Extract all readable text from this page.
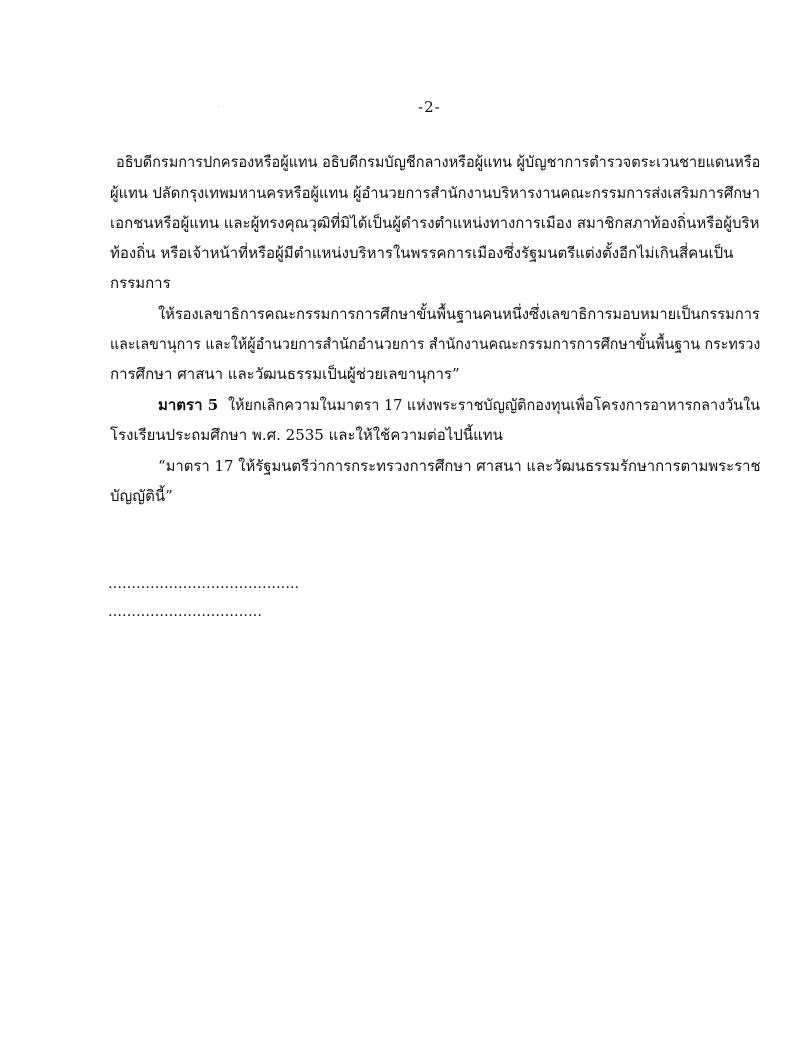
-2-
· ·
อธิบดีกรมการปกครองหรือผู้แทน อธิบดีกรมบัญชีกลางหรือผู้แทน ผู้บัญชาการตำรวจตระเวนชายแดนหรือ
ผู้แทน ปลัดกรุงเทพมหานครหรือผู้แทน ผู้อำนวยการสำนักงานบริหารงานคณะกรรมการส่งเสริมการศึกษา
เอกชนหรือผู้แทน และผู้ทรงคุณวุฒิที่มิได้เป็นผู้ดำรงตำแหน่งทางการเมือง สมาชิกสภาท้องถิ่นหรือผู้บริห
ท้องถิ่น หรือเจ้าหน้าที่หรือผู้มีตำแหน่งบริหารในพรรคการเมืองซึ่งรัฐมนตรีแต่งตั้งอีกไม่เกินสี่คนเป็น
กรรมการ
ให้รองเลขาธิการคณะกรรมการการศึกษาขั้นพื้นฐานคนหนึ่งซึ่งเลขาธิการมอบหมายเป็นกรรมการ
และเลขานุการ และให้ผู้อำนวยการสำนักอำนวยการ สำนักงานคณะกรรมการการศึกษาขั้นพื้นฐาน กระทรวง
การศึกษา ศาสนา และวัฒนธรรมเป็นผู้ช่วยเลขานุการ”
มาตรา 5 ให้ยกเลิกความในมาตรา 17 แห่งพระราชบัญญัติกองทุนเพื่อโครงการอาหารกลางวันใน
โรงเรียนประถมศึกษา พ.ศ. 2535 และให้ใช้ความต่อไปนี้แทน
“มาตรา 17 ให้รัฐมนตรีว่าการกระทรวงการศึกษา ศาสนา และวัฒนธรรมรักษาการตามพระราช
บัญญัตินี้”
…………………………………..
……………………………
